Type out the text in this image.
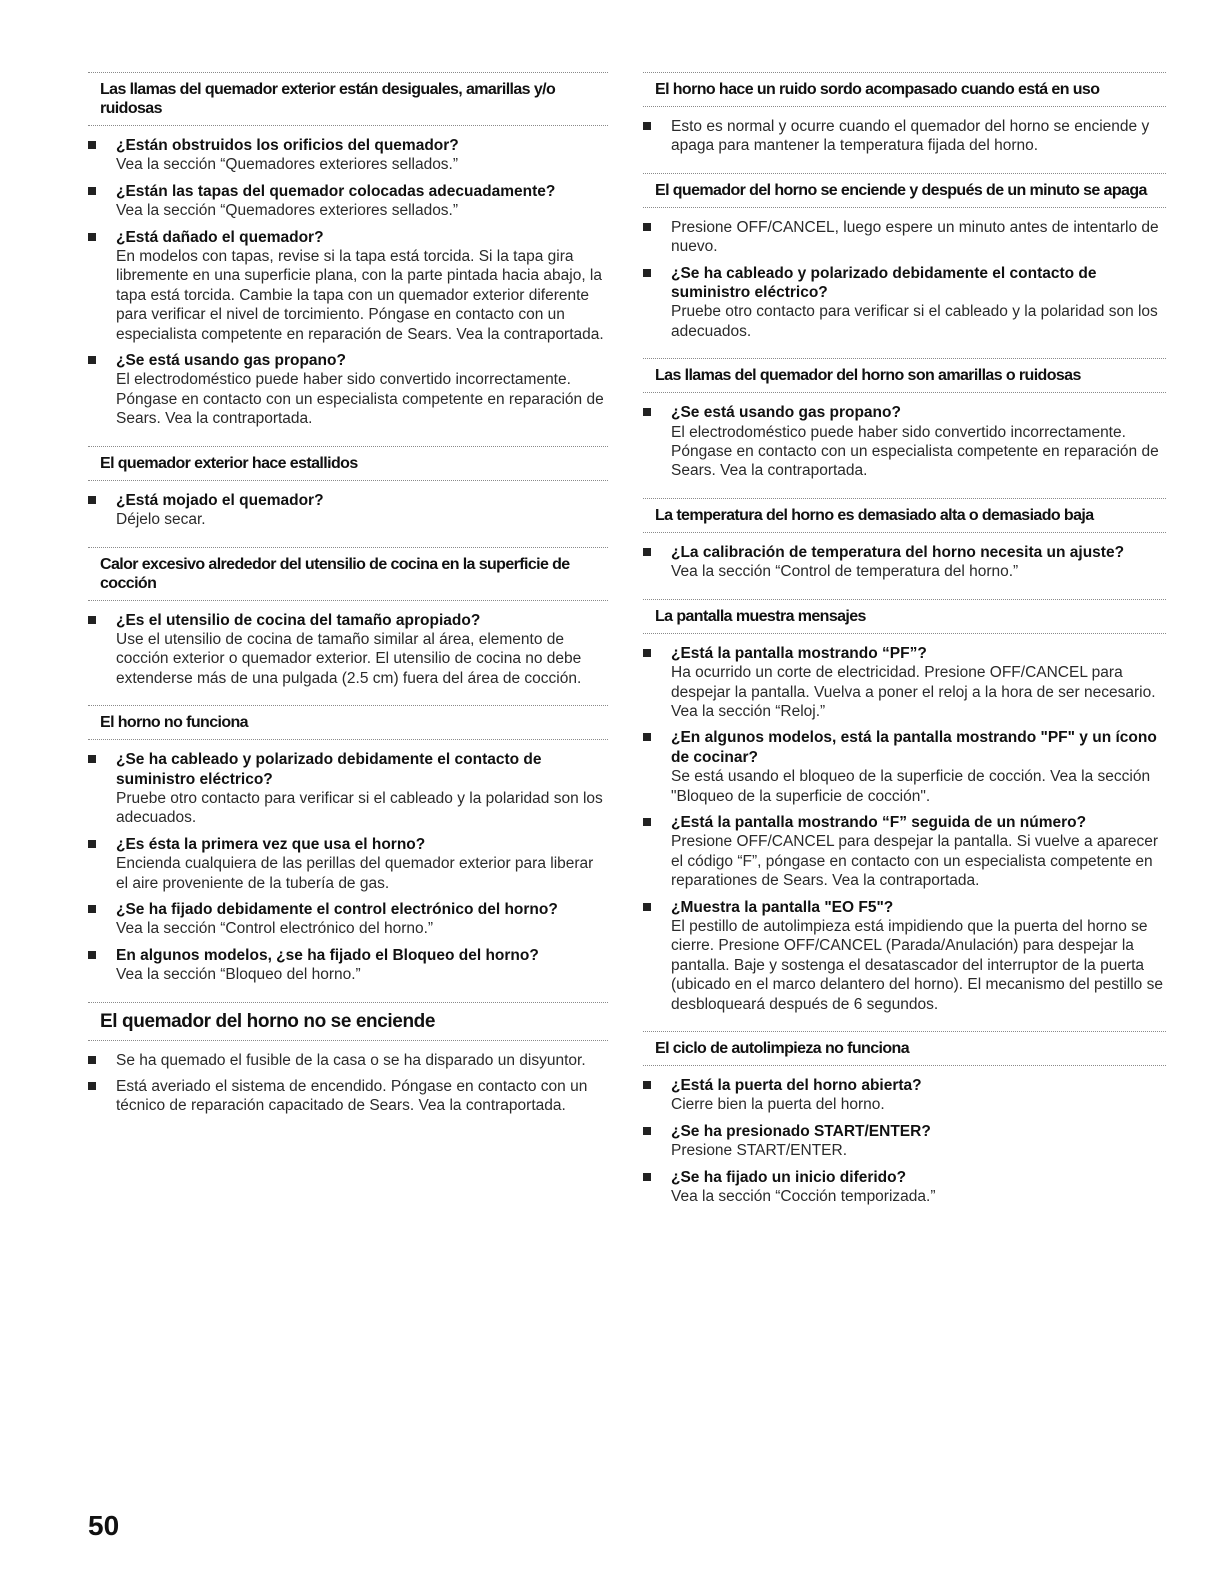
Las llamas del quemador exterior están desiguales, amarillas y/o ruidosas
¿Están obstruidos los orificios del quemador?
Vea la sección “Quemadores exteriores sellados.”
¿Están las tapas del quemador colocadas adecuadamente?
Vea la sección “Quemadores exteriores sellados.”
¿Está dañado el quemador?
En modelos con tapas, revise si la tapa está torcida. Si la tapa gira libremente en una superficie plana, con la parte pintada hacia abajo, la tapa está torcida. Cambie la tapa con un quemador exterior diferente para verificar el nivel de torcimiento. Póngase en contacto con un especialista competente en reparación de Sears. Vea la contraportada.
¿Se está usando gas propano?
El electrodoméstico puede haber sido convertido incorrectamente. Póngase en contacto con un especialista competente en reparación de Sears. Vea la contraportada.
El quemador exterior hace estallidos
¿Está mojado el quemador?
Déjelo secar.
Calor excesivo alrededor del utensilio de cocina en la superficie de cocción
¿Es el utensilio de cocina del tamaño apropiado?
Use el utensilio de cocina de tamaño similar al área, elemento de cocción exterior o quemador exterior. El utensilio de cocina no debe extenderse más de una pulgada (2.5 cm) fuera del área de cocción.
El horno no funciona
¿Se ha cableado y polarizado debidamente el contacto de suministro eléctrico?
Pruebe otro contacto para verificar si el cableado y la polaridad son los adecuados.
¿Es ésta la primera vez que usa el horno?
Encienda cualquiera de las perillas del quemador exterior para liberar el aire proveniente de la tubería de gas.
¿Se ha fijado debidamente el control electrónico del horno?
Vea la sección “Control electrónico del horno.”
En algunos modelos, ¿se ha fijado el Bloqueo del horno?
Vea la sección “Bloqueo del horno.”
El quemador del horno no se enciende
Se ha quemado el fusible de la casa o se ha disparado un disyuntor.
Está averiado el sistema de encendido. Póngase en contacto con un técnico de reparación capacitado de Sears. Vea la contraportada.
El horno hace un ruido sordo acompasado cuando está en uso
Esto es normal y ocurre cuando el quemador del horno se enciende y apaga para mantener la temperatura fijada del horno.
El quemador del horno se enciende y después de un minuto se apaga
Presione OFF/CANCEL, luego espere un minuto antes de intentarlo de nuevo.
¿Se ha cableado y polarizado debidamente el contacto de suministro eléctrico?
Pruebe otro contacto para verificar si el cableado y la polaridad son los adecuados.
Las llamas del quemador del horno son amarillas o ruidosas
¿Se está usando gas propano?
El electrodoméstico puede haber sido convertido incorrectamente. Póngase en contacto con un especialista competente en reparación de Sears. Vea la contraportada.
La temperatura del horno es demasiado alta o demasiado baja
¿La calibración de temperatura del horno necesita un ajuste?
Vea la sección “Control de temperatura del horno.”
La pantalla muestra mensajes
¿Está la pantalla mostrando “PF”?
Ha ocurrido un corte de electricidad. Presione OFF/CANCEL para despejar la pantalla. Vuelva a poner el reloj a la hora de ser necesario. Vea la sección “Reloj.”
¿En algunos modelos, está la pantalla mostrando "PF" y un ícono de cocinar?
Se está usando el bloqueo de la superficie de cocción. Vea la sección "Bloqueo de la superficie de cocción".
¿Está la pantalla mostrando “F” seguida de un número?
Presione OFF/CANCEL para despejar la pantalla. Si vuelve a aparecer el código “F”, póngase en contacto con un especialista competente en reparationes de Sears. Vea la contraportada.
¿Muestra la pantalla "EO F5"?
El pestillo de autolimpieza está impidiendo que la puerta del horno se cierre. Presione OFF/CANCEL (Parada/Anulación) para despejar la pantalla. Baje y sostenga el desatascador del interruptor de la puerta (ubicado en el marco delantero del horno). El mecanismo del pestillo se desbloqueará después de 6 segundos.
El ciclo de autolimpieza no funciona
¿Está la puerta del horno abierta?
Cierre bien la puerta del horno.
¿Se ha presionado START/ENTER?
Presione START/ENTER.
¿Se ha fijado un inicio diferido?
Vea la sección “Cocción temporizada.”
50
